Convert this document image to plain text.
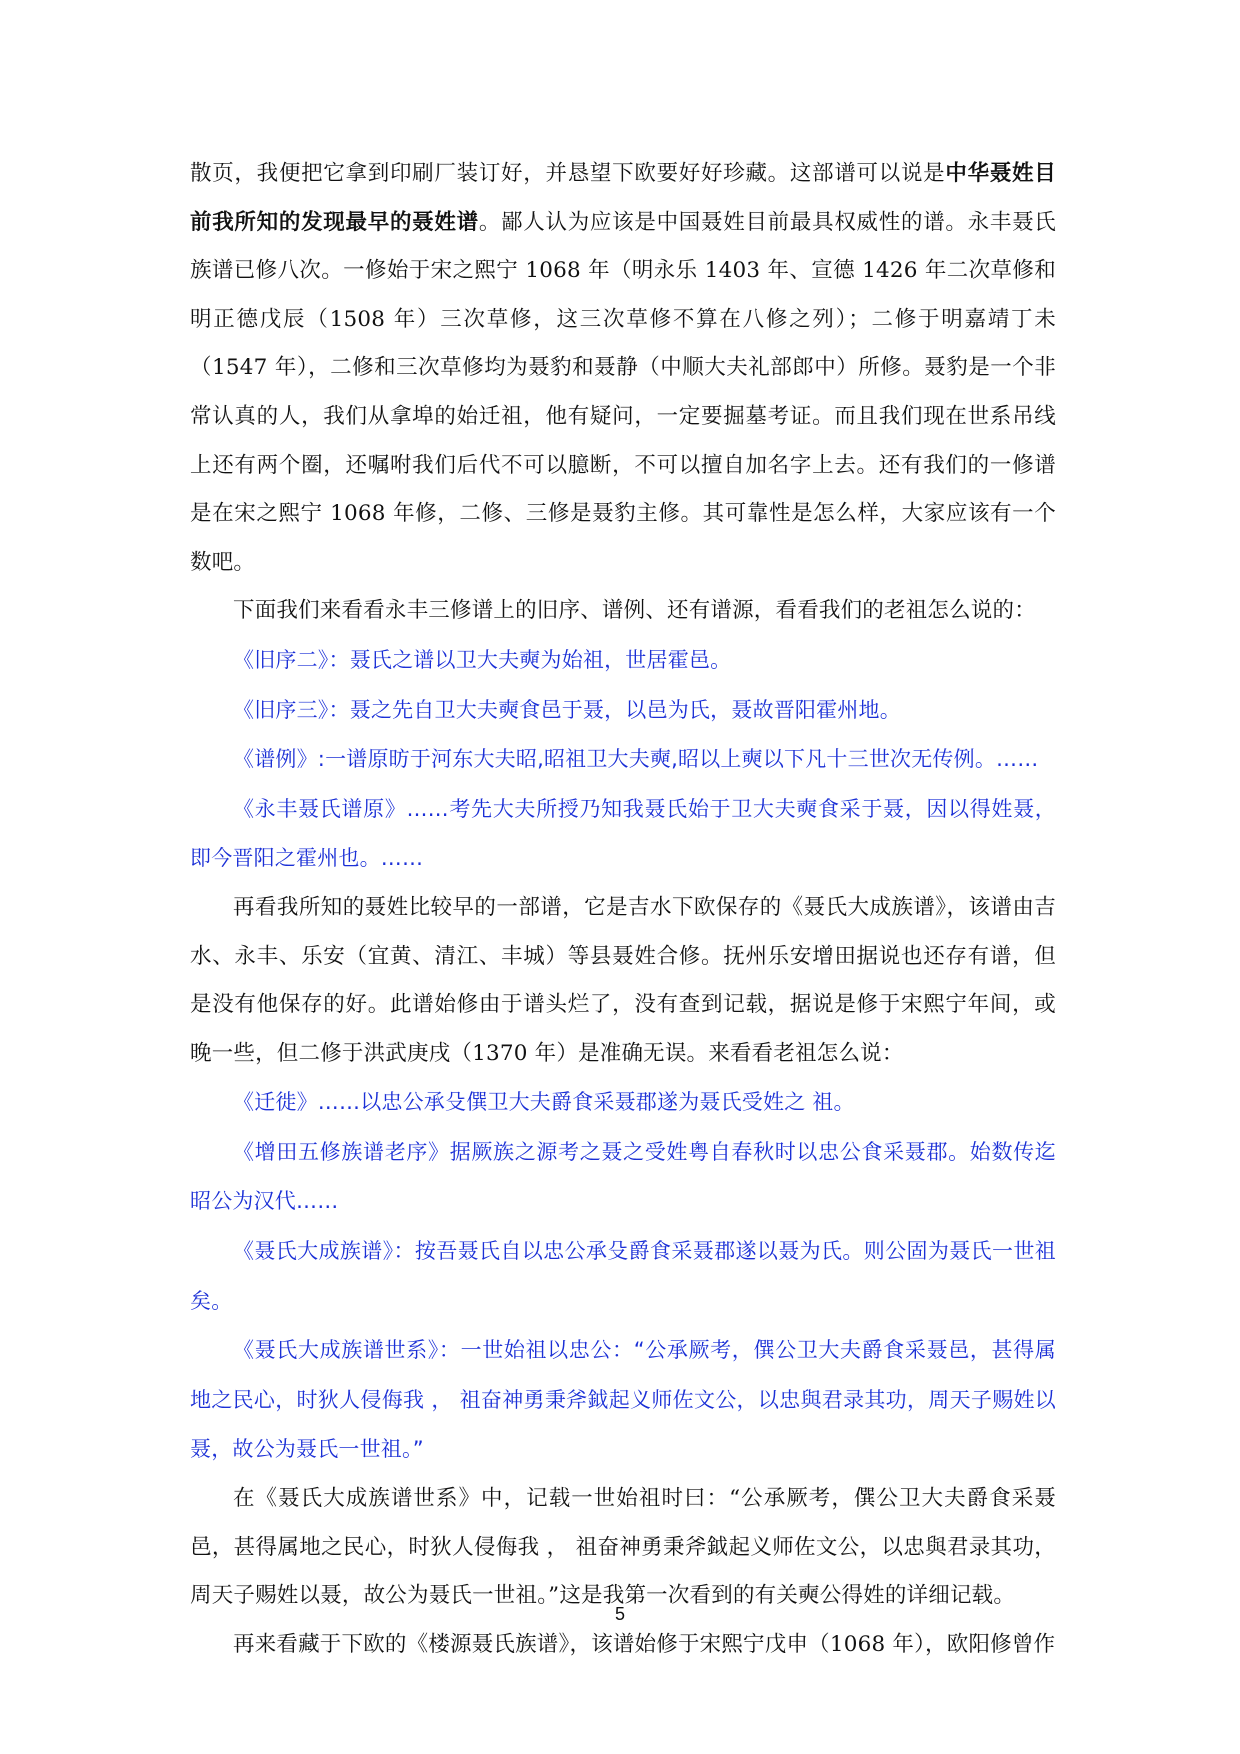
散页，我便把它拿到印刷厂装订好，并恳望下欧要好好珍藏。这部谱可以说是中华聂姓目前我所知的发现最早的聂姓谱。鄙人认为应该是中国聂姓目前最具权威性的谱。永丰聂氏族谱已修八次。一修始于宋之熙宁 1068 年（明永乐 1403 年、宣德 1426 年二次草修和明正德戊辰（1508 年）三次草修，这三次草修不算在八修之列）；二修于明嘉靖丁未（1547 年），二修和三次草修均为聂豹和聂静（中顺大夫礼部郎中）所修。聂豹是一个非常认真的人，我们从拿埠的始迁祖，他有疑问，一定要掘墓考证。而且我们现在世系吊线上还有两个圈，还嘱咐我们后代不可以臆断，不可以擅自加名字上去。还有我们的一修谱是在宋之熙宁 1068 年修，二修、三修是聂豹主修。其可靠性是怎么样，大家应该有一个数吧。

下面我们来看看永丰三修谱上的旧序、谱例、还有谱源，看看我们的老祖怎么说的：

《旧序二》：聂氏之谱以卫大夫奭为始祖，世居霍邑。

《旧序三》：聂之先自卫大夫奭食邑于聂，以邑为氏，聂故晋阳霍州地。

《谱例》:一谱原昉于河东大夫昭,昭祖卫大夫奭,昭以上奭以下凡十三世次无传例。……

《永丰聂氏谱原》……考先大夫所授乃知我聂氏始于卫大夫奭食采于聂，因以得姓聂，即今晋阳之霍州也。……

再看我所知的聂姓比较早的一部谱，它是吉水下欧保存的《聂氏大成族谱》，该谱由吉水、永丰、乐安（宜黄、清江、丰城）等县聂姓合修。抚州乐安增田据说也还存有谱，但是没有他保存的好。此谱始修由于谱头烂了，没有查到记载，据说是修于宋熙宁年间，或晚一些，但二修于洪武庚戌（1370 年）是准确无误。来看看老祖怎么说：

《迁徙》……以忠公承殳僎卫大夫爵食采聂郡遂为聂氏受姓之 祖。

《增田五修族谱老序》据厥族之源考之聂之受姓粤自春秋时以忠公食采聂郡。始数传迄昭公为汉代……

《聂氏大成族谱》：按吾聂氏自以忠公承殳爵食采聂郡遂以聂为氏。则公固为聂氏一世祖矣。

《聂氏大成族谱世系》：一世始祖以忠公：“公承厥考，僎公卫大夫爵食采聂邑，甚得属地之民心，时狄人侵侮我 ， 祖奋神勇秉斧鉞起义师佐文公，以忠與君录其功，周天子赐姓以聂，故公为聂氏一世祖。”

在《聂氏大成族谱世系》中，记载一世始祖时曰：“公承厥考，僎公卫大夫爵食采聂邑，甚得属地之民心，时狄人侵侮我 ， 祖奋神勇秉斧鉞起义师佐文公，以忠與君录其功，周天子赐姓以聂，故公为聂氏一世祖。”这是我第一次看到的有关奭公得姓的详细记载。

再来看藏于下欧的《楼源聂氏族谱》，该谱始修于宋熙宁戊申（1068 年），欧阳修曾作

5
